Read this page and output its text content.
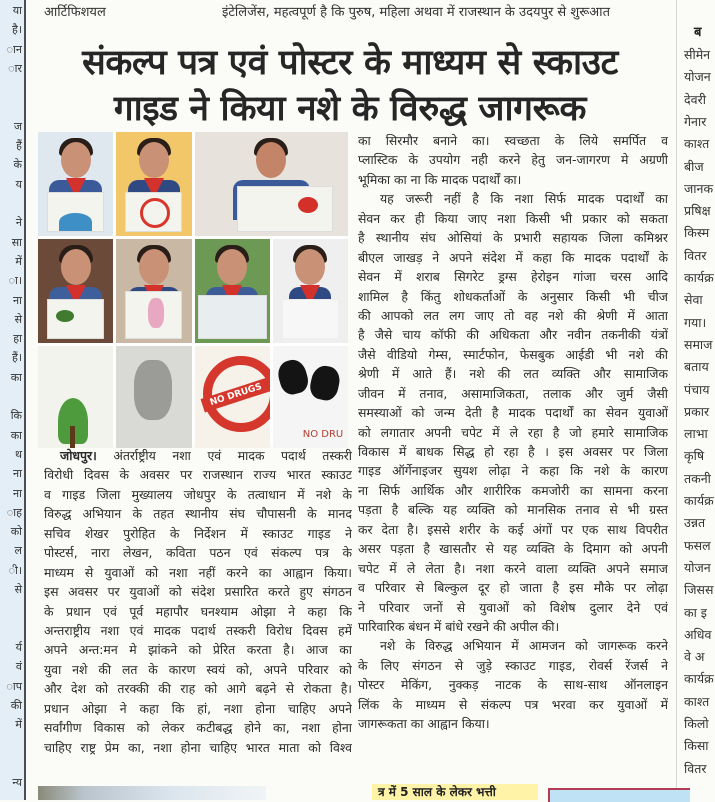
या
है।
ान
ार
ज
हैं
के
य
ने
सा
में
ा।
ना
से
हा
हैं।
का
कि
का
थ
ना
ना
ाह
को
ल
ी।
से
र्य
वं
ाप
की
में
न्य
आर्टिफिशयल	इंटेलिजेंस, महत्वपूर्ण है कि पुरुष, महिला अथवा में राजस्थान के उदयपुर से शुरूआत
संकल्प पत्र एवं पोस्टर के माध्यम से स्काउट
गाइड ने किया नशे के विरुद्ध जागरूक
NO DRUGS
NO DRU
जोधपुर। अंतर्राष्ट्रीय नशा एवं मादक पदार्थ तस्करी
विरोधी दिवस के अवसर पर राजस्थान राज्य भारत स्काउट
व गाइड जिला मुख्यालय जोधपुर के तत्वाधान में नशे के
विरुद्ध अभियान के तहत स्थानीय संघ चौपासनी के मानद
सचिव शेखर पुरोहित के निर्देशन में स्काउट गाइड ने
पोस्टर्स, नारा लेखन, कविता पठन एवं संकल्प पत्र के
माध्यम से युवाओं को नशा नहीं करने का आह्वान किया।
इस अवसर पर युवाओं को संदेश प्रसारित करते हुए संगठन
के प्रधान एवं पूर्व महापौर घनश्याम ओझा ने कहा कि
अन्तराष्ट्रीय नशा एवं मादक पदार्थ तस्करी विरोध दिवस हमें
अपने अन्त:मन मे झांकने को प्रेरित करता है। आज का
युवा नशे की लत के कारण स्वयं को, अपने परिवार को
और देश को तरक्की की राह को आगे बढ़ने से रोकता है।
प्रधान ओझा ने कहा कि हां, नशा होना चाहिए अपने
सर्वांगीण विकास को लेकर कटीबद्ध होने का, नशा होना
चाहिए राष्ट्र प्रेम का, नशा होना चाहिए भारत माता को विश्व
का सिरमौर बनाने का। स्वच्छता के लिये समर्पित व
प्लास्टिक के उपयोग नही करने हेतु जन-जागरण मे अग्रणी
भूमिका का ना कि मादक पदार्थों का।
यह जरूरी नहीं है कि नशा सिर्फ मादक पदार्थों का
सेवन कर ही किया जाए नशा किसी भी प्रकार को सकता
है स्थानीय संघ ओसियां के प्रभारी सहायक जिला कमिश्नर
बीएल जाखड़ ने अपने संदेश में कहा कि मादक पदार्थों के
सेवन में शराब सिगरेट ड्रग्स हेरोइन गांजा चरस आदि
शामिल है किंतु शोधकर्ताओं के अनुसार किसी भी चीज
की आपको लत लग जाए तो वह नशे की श्रेणी में आता
है जैसे चाय कॉफी की अधिकता और नवीन तकनीकी यंत्रों
जैसे वीडियो गेम्स, स्मार्टफोन, फेसबुक आईडी भी नशे की
श्रेणी में आते हैं। नशे की लत व्यक्ति और सामाजिक
जीवन में तनाव, असामाजिकता, तलाक और जुर्म जैसी
समस्याओं को जन्म देती है मादक पदार्थों का सेवन युवाओं
को लगातार अपनी चपेट में ले रहा है जो हमारे सामाजिक
विकास में बाधक सिद्ध हो रहा है । इस अवसर पर जिला
गाइड ऑर्गेनाइजर सुयश लोढ़ा ने कहा कि नशे के कारण
ना सिर्फ आर्थिक और शारीरिक कमजोरी का सामना करना
पड़ता है बल्कि यह व्यक्ति को मानसिक तनाव से भी ग्रस्त
कर देता है। इससे शरीर के कई अंगों पर एक साथ विपरीत
असर पड़ता है खासतौर से यह व्यक्ति के दिमाग को अपनी
चपेट में ले लेता है। नशा करने वाला व्यक्ति अपने समाज
व परिवार से बिल्कुल दूर हो जाता है इस मौके पर लोढ़ा
ने परिवार जनों से युवाओं को विशेष दुलार देने एवं
पारिवारिक बंधन में बांधे रखने की अपील की।
नशे के विरुद्ध अभियान में आमजन को जागरूक करने
के लिए संगठन से जुड़े स्काउट गाइड, रोवर्स रेंजर्स ने
पोस्टर मेकिंग, नुक्कड़ नाटक के साथ-साथ ऑनलाइन
लिंक के माध्यम से संकल्प पत्र भरवा कर युवाओं में
जागरूकता का आह्वान किया।
ब
सीमेन
योजन
देवरी
गेनार
काश्त
बीज
जानक
प्रषिक्ष
किस्म
वितर
कार्यक्र
सेवा
गया।
समाज
बताय
पंचाय
प्रकार
लाभा
कृषि
तकनी
कार्यक्र
उन्नत
फसल
योजन
जिसस
का इ
अधिव
वे अ
कार्यक्र
काश्त
किलो
किसा
वितर
त्र में 5 साल के लेकर भत्ती
